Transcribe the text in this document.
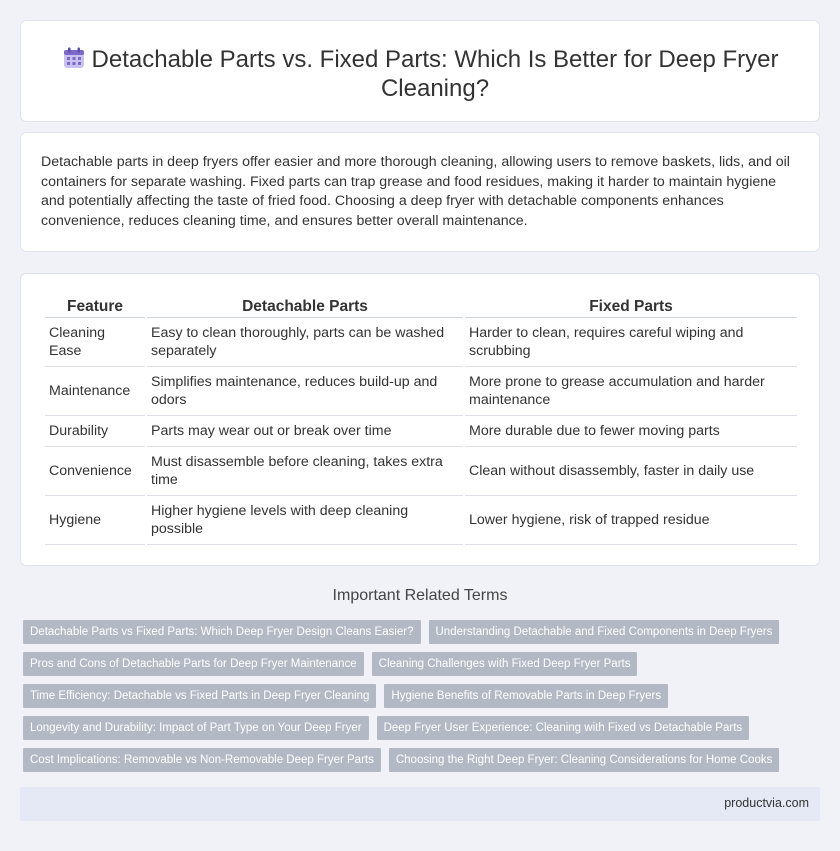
Detachable Parts vs. Fixed Parts: Which Is Better for Deep Fryer Cleaning?

Detachable parts in deep fryers offer easier and more thorough cleaning, allowing users to remove baskets, lids, and oil containers for separate washing. Fixed parts can trap grease and food residues, making it harder to maintain hygiene and potentially affecting the taste of fried food. Choosing a deep fryer with detachable components enhances convenience, reduces cleaning time, and ensures better overall maintenance.

Feature	Detachable Parts	Fixed Parts
Cleaning Ease	Easy to clean thoroughly, parts can be washed separately	Harder to clean, requires careful wiping and scrubbing
Maintenance	Simplifies maintenance, reduces build-up and odors	More prone to grease accumulation and harder maintenance
Durability	Parts may wear out or break over time	More durable due to fewer moving parts
Convenience	Must disassemble before cleaning, takes extra time	Clean without disassembly, faster in daily use
Hygiene	Higher hygiene levels with deep cleaning possible	Lower hygiene, risk of trapped residue
Important Related Terms
Detachable Parts vs Fixed Parts: Which Deep Fryer Design Cleans Easier?	Understanding Detachable and Fixed Components in Deep Fryers
Pros and Cons of Detachable Parts for Deep Fryer Maintenance	Cleaning Challenges with Fixed Deep Fryer Parts
Time Efficiency: Detachable vs Fixed Parts in Deep Fryer Cleaning	Hygiene Benefits of Removable Parts in Deep Fryers
Longevity and Durability: Impact of Part Type on Your Deep Fryer	Deep Fryer User Experience: Cleaning with Fixed vs Detachable Parts
Cost Implications: Removable vs Non-Removable Deep Fryer Parts	Choosing the Right Deep Fryer: Cleaning Considerations for Home Cooks
productvia.com
